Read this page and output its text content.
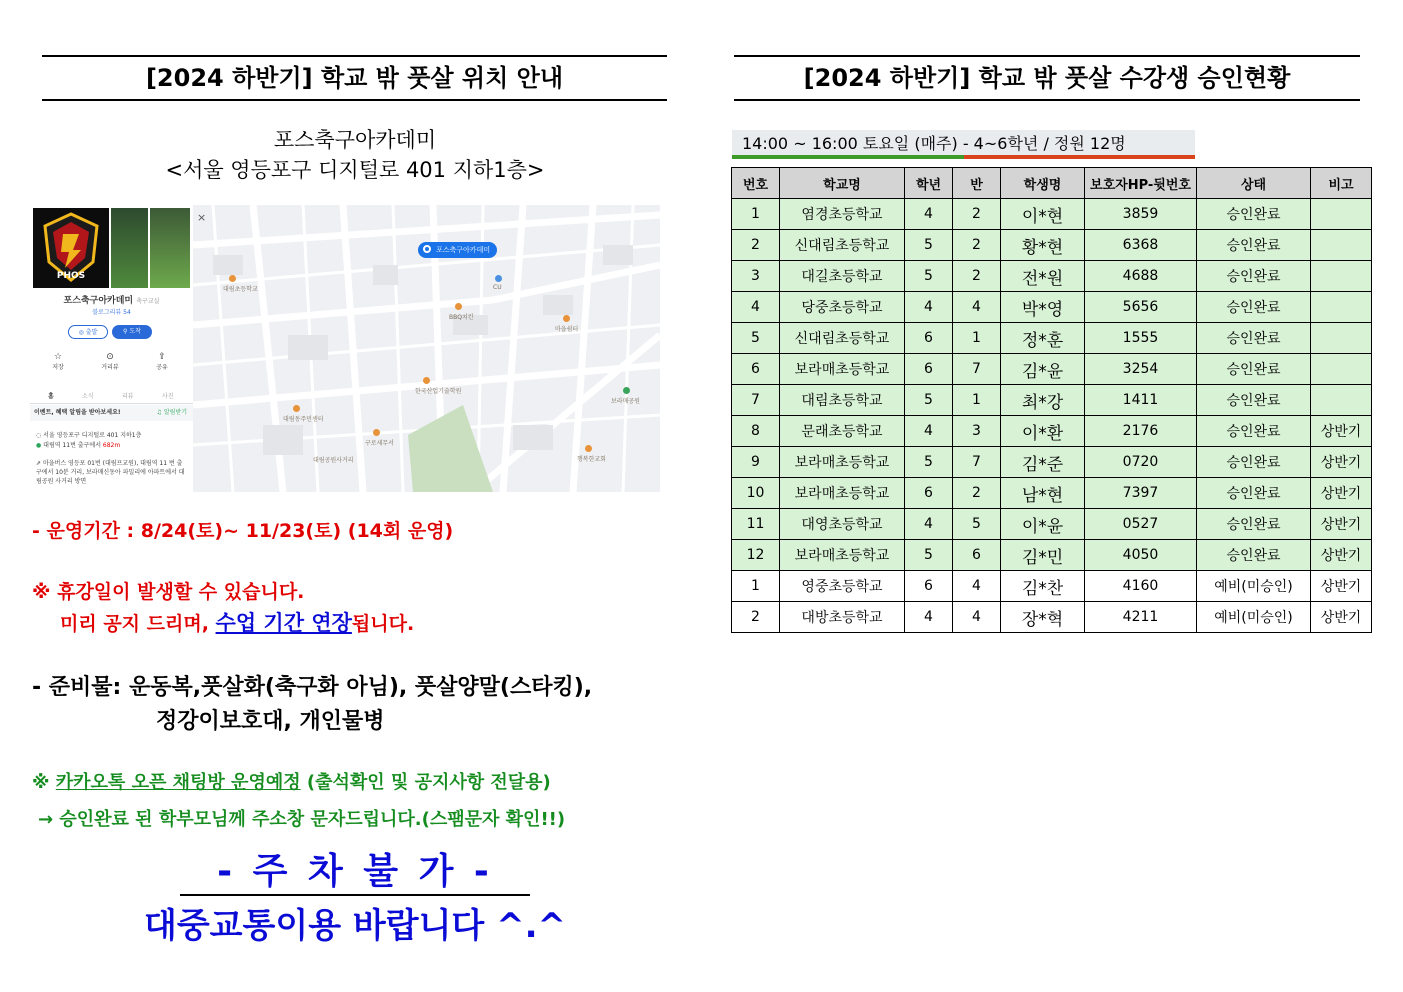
[2024 하반기] 학교 밖 풋살 위치 안내
포스축구아카데미
<서울 영등포구 디지털로 401 지하1층>
PHOS
포스축구아카데미 축구교실
블로그리뷰 54
◎ 출발	⚲ 도착
☆
저장
⊙
거리뷰
⇪
공유
홈	소식	리뷰	사진
이벤트, 혜택 알림을 받아보세요!	♫ 알림받기
◌ 서울 영등포구 디지털로 401 지하1층
● 대림역 11번 출구에서 682m
⇗ 마을버스 영등포 01번 (대림프교원), 대림역 11 번 출구에서 10분 거리, 보라매신동아 파밀리에 아파트에서 대림공원 사거리 방면
대림초등학교	CU
BBQ치킨
한국산업기술학원
대림동주민센터
마을쉼터
구로세무서
보라매공원
대림공원사거리	행복한교회
×
포스축구아카데미
- 운영기간 : 8/24(토)~ 11/23(토) (14회 운영)
※ 휴강일이 발생할 수 있습니다.
미리 공지 드리며, 수업 기간 연장됩니다.
- 준비물: 운동복,풋살화(축구화 아님), 풋살양말(스타킹),
정강이보호대, 개인물병
※ 카카오톡 오픈 채팅방 운영예정 (출석확인 및 공지사항 전달용)
→ 승인완료 된 학부모님께 주소창 문자드립니다.(스팸문자 확인!!)
- 주 차 불 가 -
대중교통이용 바랍니다 ^.^
[2024 하반기] 학교 밖 풋살 수강생 승인현황
14:00 ~ 16:00 토요일 (매주) - 4~6학년 / 정원 12명
번호	학교명	학년	반	학생명	보호자HP-뒷번호	상태	비고
1	염경초등학교	4	2	이*현	3859	승인완료	
2	신대림초등학교	5	2	황*현	6368	승인완료	
3	대길초등학교	5	2	전*원	4688	승인완료	
4	당중초등학교	4	4	박*영	5656	승인완료	
5	신대림초등학교	6	1	정*훈	1555	승인완료	
6	보라매초등학교	6	7	김*윤	3254	승인완료	
7	대림초등학교	5	1	최*강	1411	승인완료	
8	문래초등학교	4	3	이*환	2176	승인완료	상반기
9	보라매초등학교	5	7	김*준	0720	승인완료	상반기
10	보라매초등학교	6	2	남*현	7397	승인완료	상반기
11	대영초등학교	4	5	이*윤	0527	승인완료	상반기
12	보라매초등학교	5	6	김*민	4050	승인완료	상반기
1	영중초등학교	6	4	김*찬	4160	예비(미승인)	상반기
2	대방초등학교	4	4	장*혁	4211	예비(미승인)	상반기
